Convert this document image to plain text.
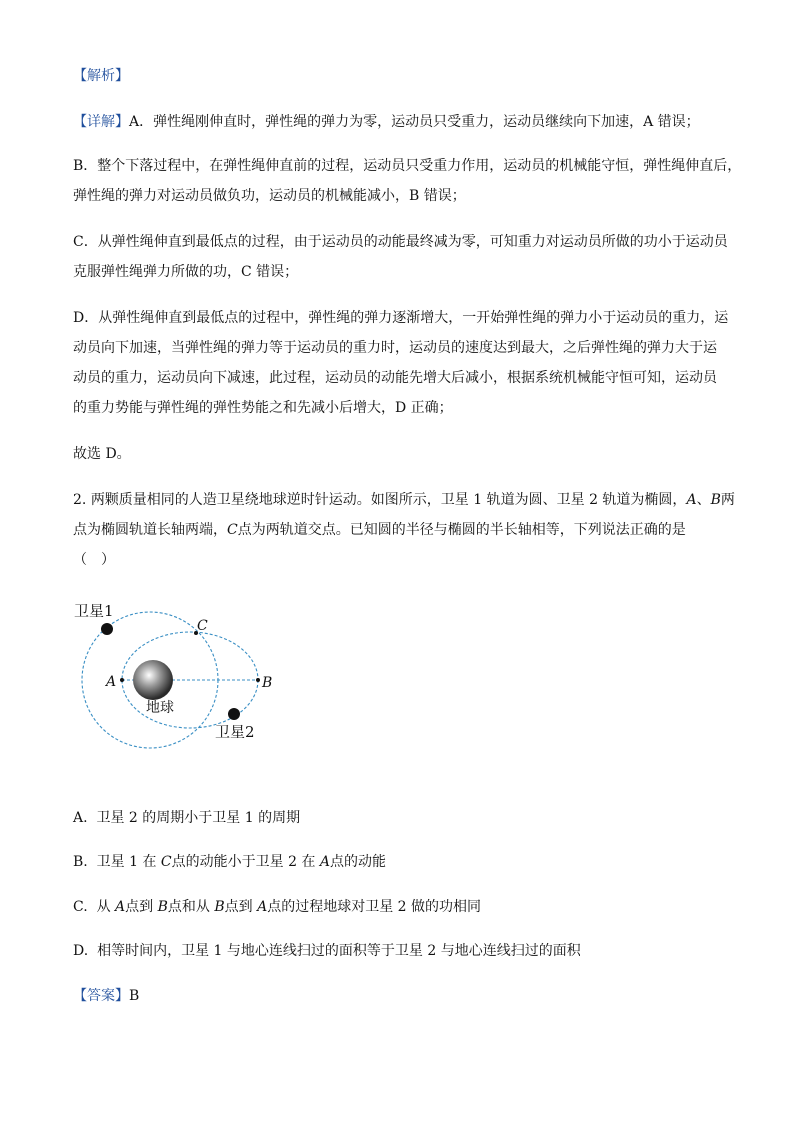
【解析】
【详解】A．弹性绳刚伸直时，弹性绳的弹力为零，运动员只受重力，运动员继续向下加速，A 错误；
B．整个下落过程中，在弹性绳伸直前的过程，运动员只受重力作用，运动员的机械能守恒，弹性绳伸直后，
弹性绳的弹力对运动员做负功，运动员的机械能减小，B 错误；
C．从弹性绳伸直到最低点的过程，由于运动员的动能最终减为零，可知重力对运动员所做的功小于运动员
克服弹性绳弹力所做的功，C 错误；
D．从弹性绳伸直到最低点的过程中，弹性绳的弹力逐渐增大，一开始弹性绳的弹力小于运动员的重力，运
动员向下加速，当弹性绳的弹力等于运动员的重力时，运动员的速度达到最大，之后弹性绳的弹力大于运
动员的重力，运动员向下减速，此过程，运动员的动能先增大后减小，根据系统机械能守恒可知，运动员
的重力势能与弹性绳的弹性势能之和先减小后增大，D 正确；
故选 D。
2. 两颗质量相同的人造卫星绕地球逆时针运动。如图所示，卫星 1 轨道为圆、卫星 2 轨道为椭圆，A、B两
点为椭圆轨道长轴两端，C点为两轨道交点。已知圆的半径与椭圆的半长轴相等，下列说法正确的是
（　）
卫星1
卫星2
地球
A	B
C
A. 卫星 2 的周期小于卫星 1 的周期
B. 卫星 1 在 C点的动能小于卫星 2 在 A点的动能
C. 从 A点到 B点和从 B点到 A点的过程地球对卫星 2 做的功相同
D. 相等时间内，卫星 1 与地心连线扫过的面积等于卫星 2 与地心连线扫过的面积
【答案】B
